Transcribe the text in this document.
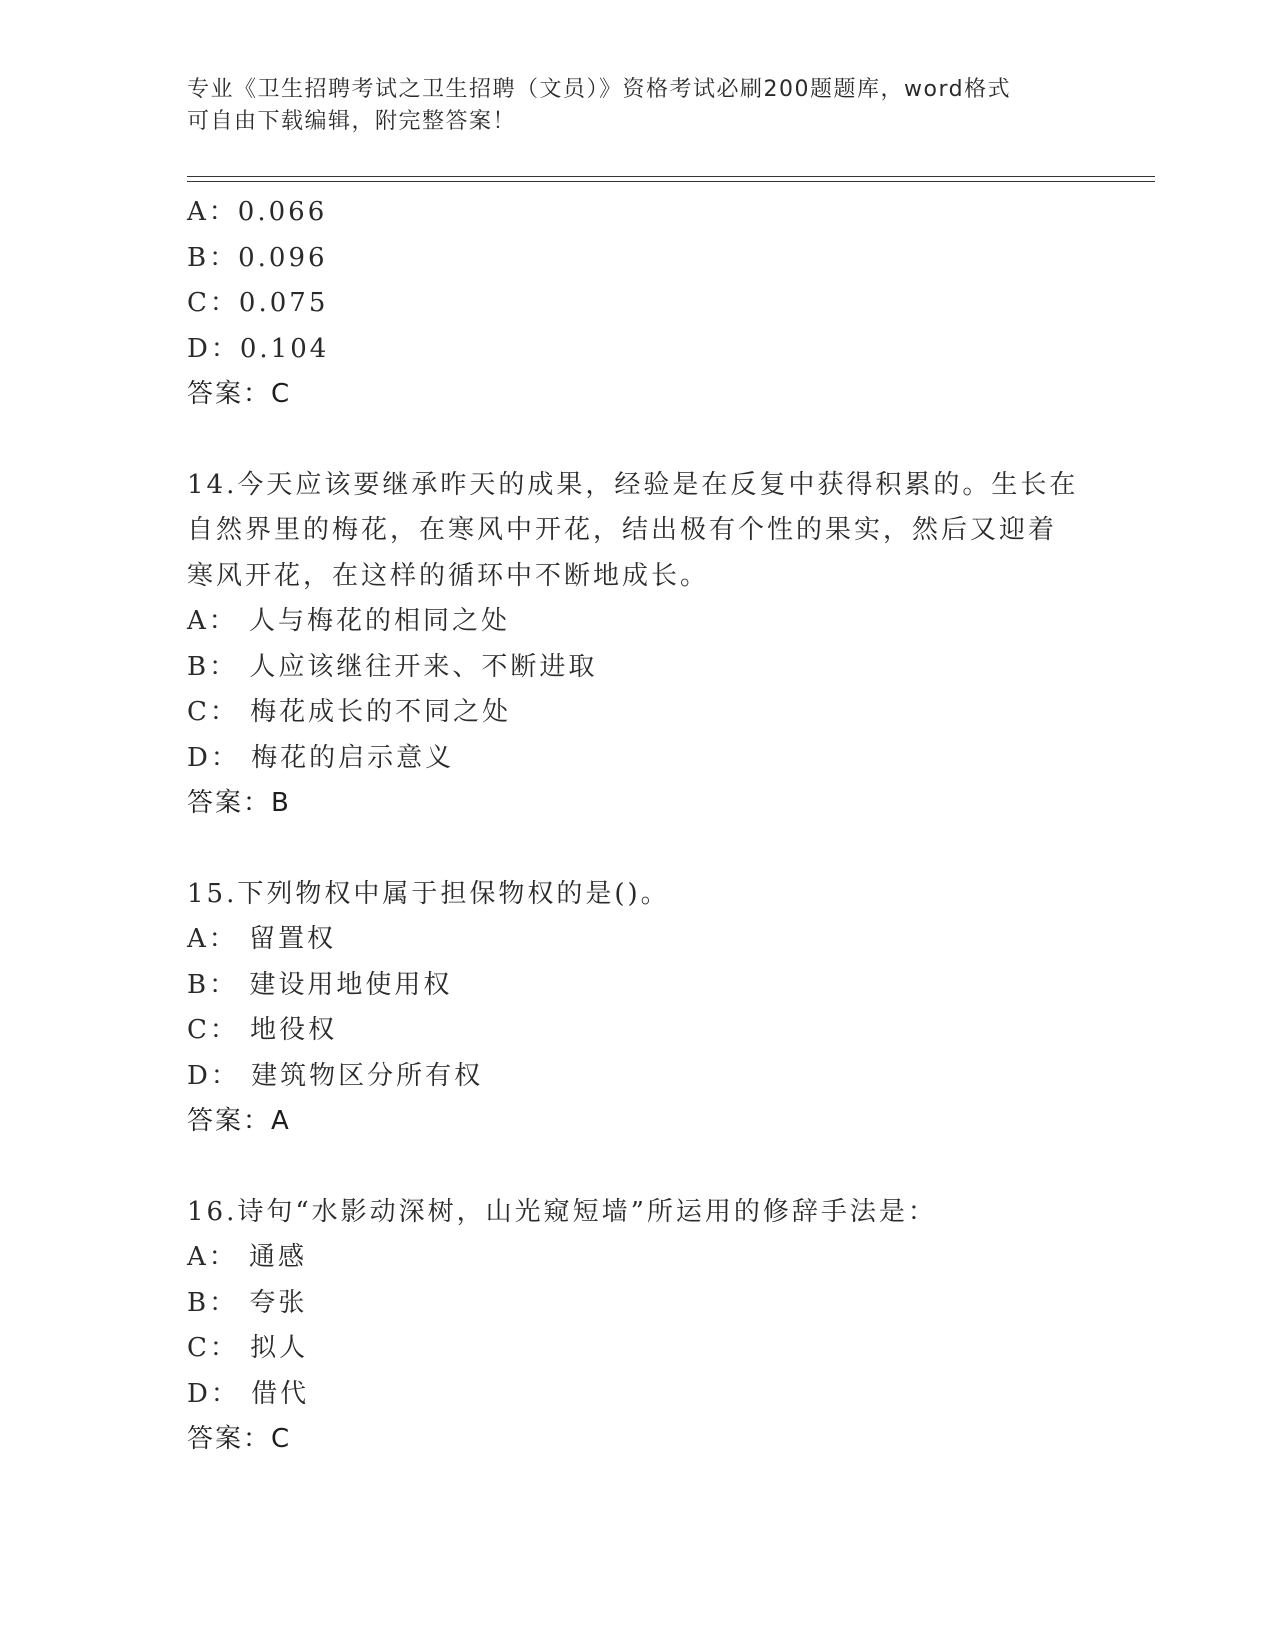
专业《卫生招聘考试之卫生招聘（文员）》资格考试必刷200题题库，word格式
可自由下载编辑，附完整答案！
A：0.066
B：0.096
C：0.075
D：0.104
答案：C
14.今天应该要继承昨天的成果，经验是在反复中获得积累的。生长在
自然界里的梅花，在寒风中开花，结出极有个性的果实，然后又迎着
寒风开花，在这样的循环中不断地成长。
A： 人与梅花的相同之处
B： 人应该继往开来、不断进取
C： 梅花成长的不同之处
D： 梅花的启示意义
答案：B
15.下列物权中属于担保物权的是()。
A： 留置权
B： 建设用地使用权
C： 地役权
D： 建筑物区分所有权
答案：A
16.诗句“水影动深树，山光窥短墙”所运用的修辞手法是：
A： 通感
B： 夸张
C： 拟人
D： 借代
答案：C
